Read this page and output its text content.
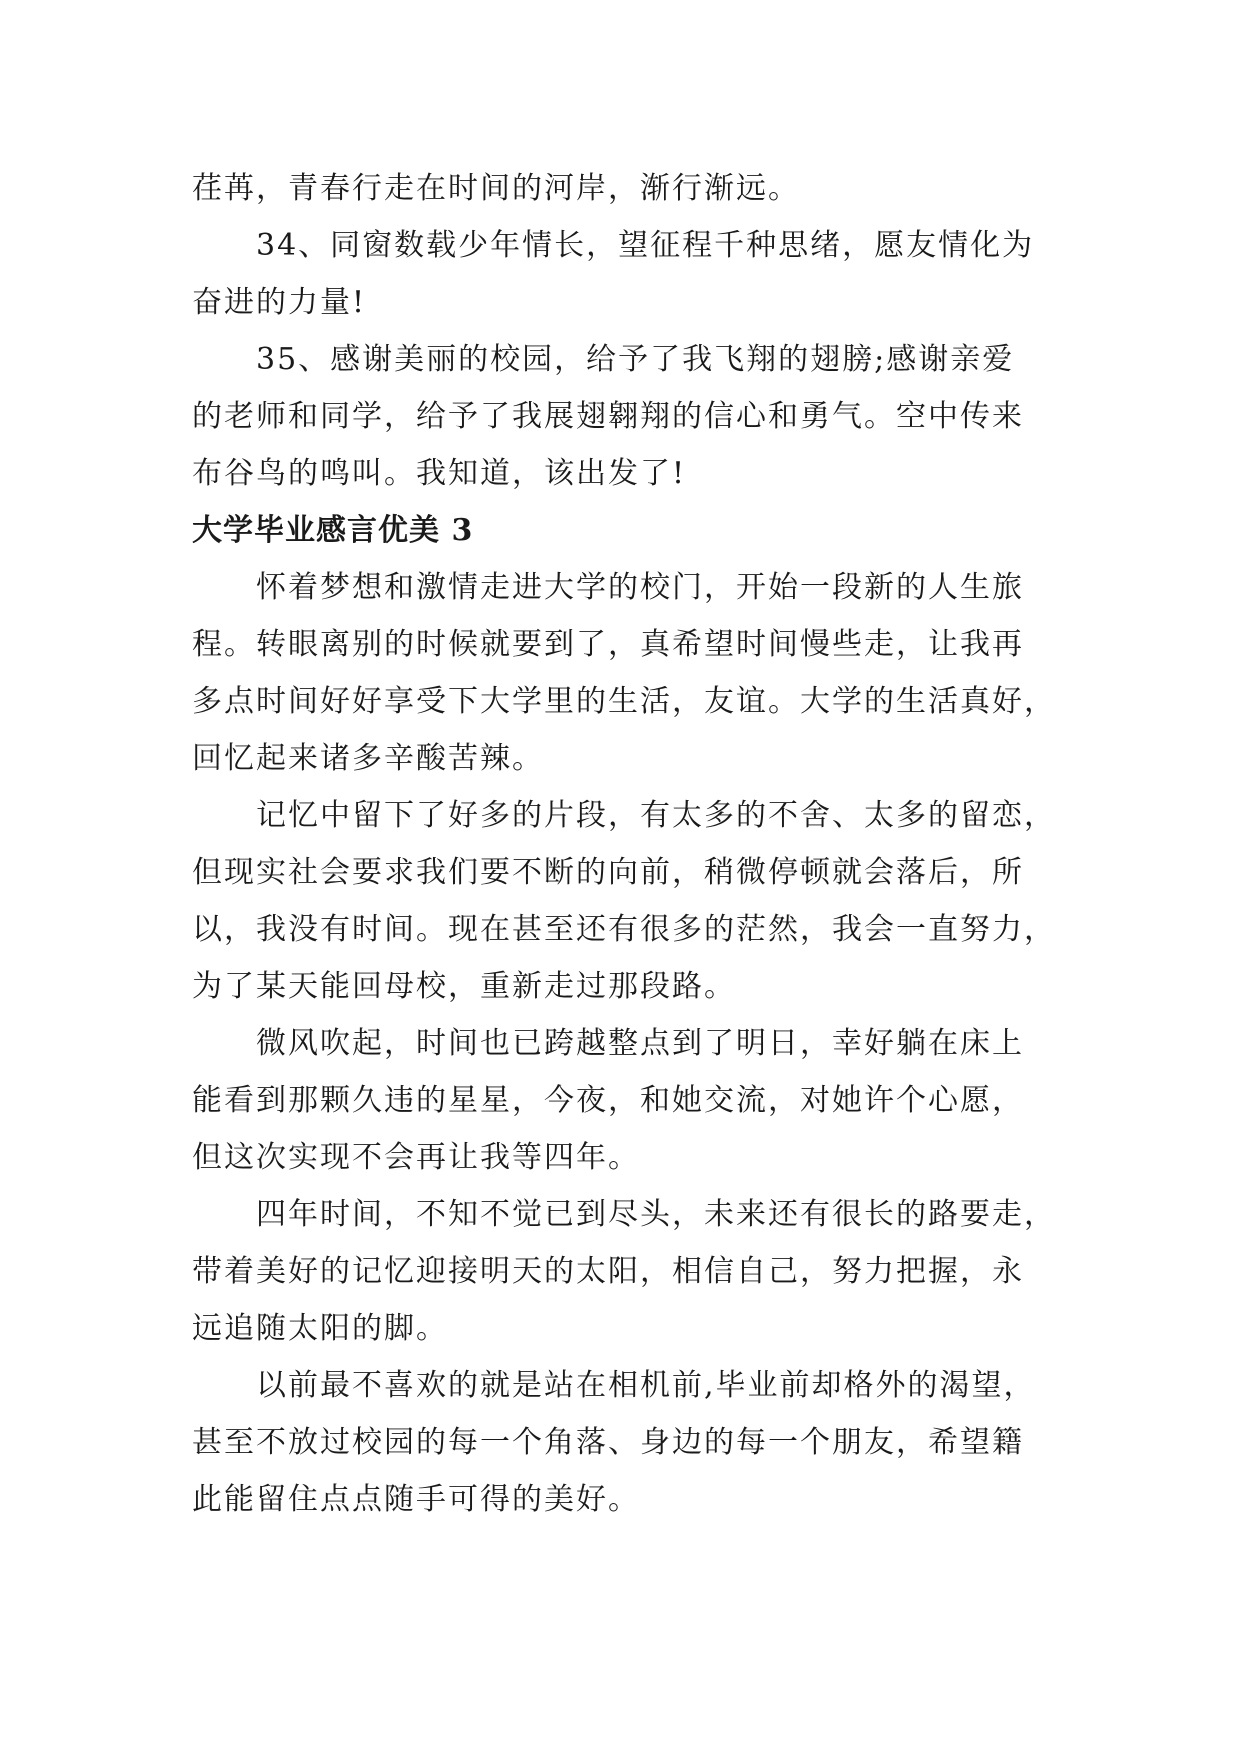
荏苒，青春行走在时间的河岸，渐行渐远。

34、同窗数载少年情长，望征程千种思绪，愿友情化为
奋进的力量!

35、感谢美丽的校园，给予了我飞翔的翅膀;感谢亲爱
的老师和同学，给予了我展翅翱翔的信心和勇气。空中传来
布谷鸟的鸣叫。我知道，该出发了!

大学毕业感言优美 3

怀着梦想和激情走进大学的校门，开始一段新的人生旅
程。转眼离别的时候就要到了，真希望时间慢些走，让我再
多点时间好好享受下大学里的生活，友谊。大学的生活真好，
回忆起来诸多辛酸苦辣。

记忆中留下了好多的片段，有太多的不舍、太多的留恋，
但现实社会要求我们要不断的向前，稍微停顿就会落后，所
以，我没有时间。现在甚至还有很多的茫然，我会一直努力，
为了某天能回母校，重新走过那段路。

微风吹起，时间也已跨越整点到了明日，幸好躺在床上
能看到那颗久违的星星，今夜，和她交流，对她许个心愿，
但这次实现不会再让我等四年。

四年时间，不知不觉已到尽头，未来还有很长的路要走，
带着美好的记忆迎接明天的太阳，相信自己，努力把握，永
远追随太阳的脚。

以前最不喜欢的就是站在相机前,毕业前却格外的渴望，
甚至不放过校园的每一个角落、身边的每一个朋友，希望籍
此能留住点点随手可得的美好。
